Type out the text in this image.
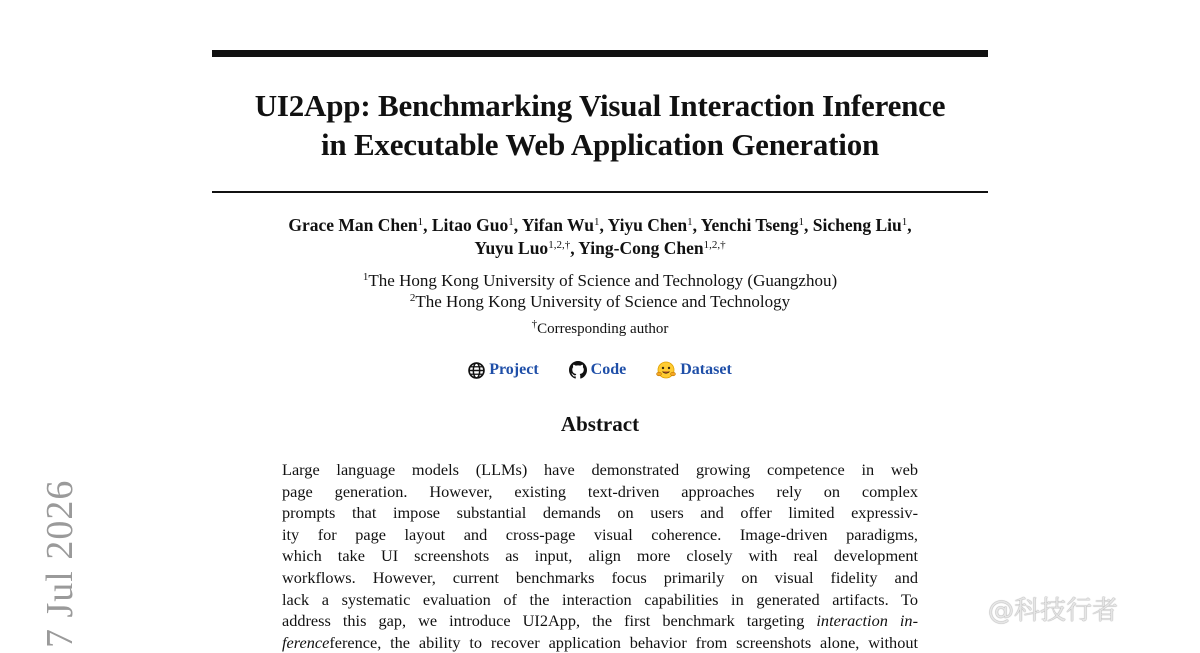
UI2App: Benchmarking Visual Interaction Inference
in Executable Web Application Generation
Grace Man Chen$^1$, Litao Guo$^1$, Yifan Wu$^1$, Yiyu Chen$^1$, Yenchi Tseng$^1$, Sicheng Liu$^1$,
Yuyu Luo$^{1,2,\dagger}$, Ying-Cong Chen$^{1,2,\dagger}$
$^1$The Hong Kong University of Science and Technology (Guangzhou)
$^2$The Hong Kong University of Science and Technology
†Corresponding author
Project	Code	Dataset
Abstract
Large language models (LLMs) have demonstrated growing competence in web
page generation. However, existing text-driven approaches rely on complex
prompts that impose substantial demands on users and offer limited expressiv-
ity for page layout and cross-page visual coherence. Image-driven paradigms,
which take UI screenshots as input, align more closely with real development
workflows. However, current benchmarks focus primarily on visual fidelity and
lack a systematic evaluation of the interaction capabilities in generated artifacts. To
address this gap, we introduce UI2App, the first benchmark targeting interaction in-
ferenceference, the ability to recover application behavior from screenshots alone, without
7 Jul 2026	@科技行者
